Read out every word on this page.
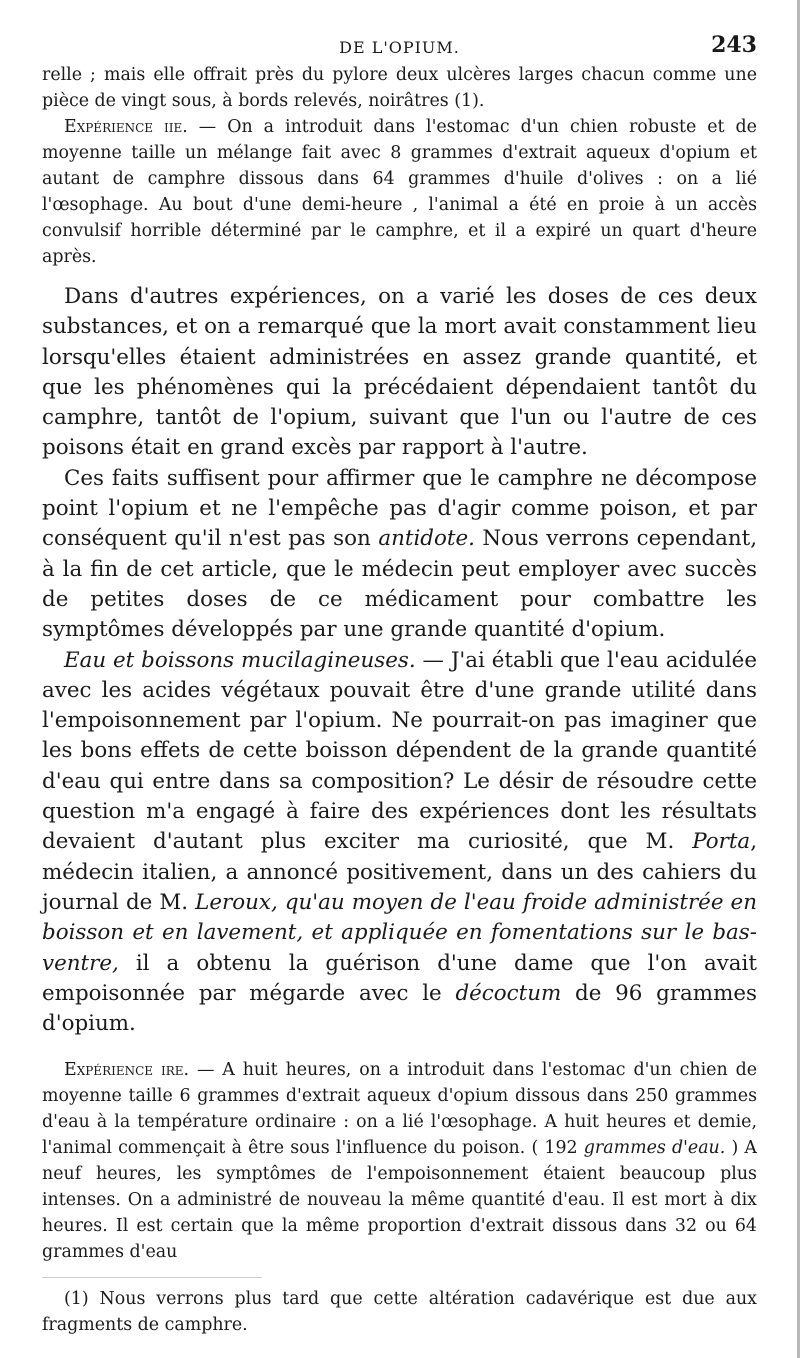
DE L'OPIUM.	243

relle ; mais elle offrait près du pylore deux ulcères larges chacun comme une pièce de vingt sous, à bords relevés, noirâtres (1).

Expérience iie. — On a introduit dans l'estomac d'un chien robuste et de moyenne taille un mélange fait avec 8 grammes d'extrait aqueux d'opium et autant de camphre dissous dans 64 grammes d'huile d'olives : on a lié l'œsophage. Au bout d'une demi-heure , l'animal a été en proie à un accès convulsif horrible déterminé par le camphre, et il a expiré un quart d'heure après.

Dans d'autres expériences, on a varié les doses de ces deux substances, et on a remarqué que la mort avait constamment lieu lorsqu'elles étaient administrées en assez grande quantité, et que les phénomènes qui la précédaient dépendaient tantôt du camphre, tantôt de l'opium, suivant que l'un ou l'autre de ces poisons était en grand excès par rapport à l'autre.

Ces faits suffisent pour affirmer que le camphre ne décompose point l'opium et ne l'empêche pas d'agir comme poison, et par conséquent qu'il n'est pas son antidote. Nous verrons cependant, à la fin de cet article, que le médecin peut employer avec succès de petites doses de ce médicament pour combattre les symptômes développés par une grande quantité d'opium.

Eau et boissons mucilagineuses. — J'ai établi que l'eau acidulée avec les acides végétaux pouvait être d'une grande utilité dans l'empoisonnement par l'opium. Ne pourrait-on pas imaginer que les bons effets de cette boisson dépendent de la grande quantité d'eau qui entre dans sa composition? Le désir de résoudre cette question m'a engagé à faire des expériences dont les résultats devaient d'autant plus exciter ma curiosité, que M. Porta, médecin italien, a annoncé positivement, dans un des cahiers du journal de M. Leroux, qu'au moyen de l'eau froide administrée en boisson et en lavement, et appliquée en fomentations sur le bas-ventre, il a obtenu la guérison d'une dame que l'on avait empoisonnée par mégarde avec le décoctum de 96 grammes d'opium.

Expérience ire. — A huit heures, on a introduit dans l'estomac d'un chien de moyenne taille 6 grammes d'extrait aqueux d'opium dissous dans 250 grammes d'eau à la température ordinaire : on a lié l'œsophage. A huit heures et demie, l'animal commençait à être sous l'influence du poison. ( 192 grammes d'eau. ) A neuf heures, les symptômes de l'empoisonnement étaient beaucoup plus intenses. On a administré de nouveau la même quantité d'eau. Il est mort à dix heures. Il est certain que la même proportion d'extrait dissous dans 32 ou 64 grammes d'eau

(1) Nous verrons plus tard que cette altération cadavérique est due aux fragments de camphre.
